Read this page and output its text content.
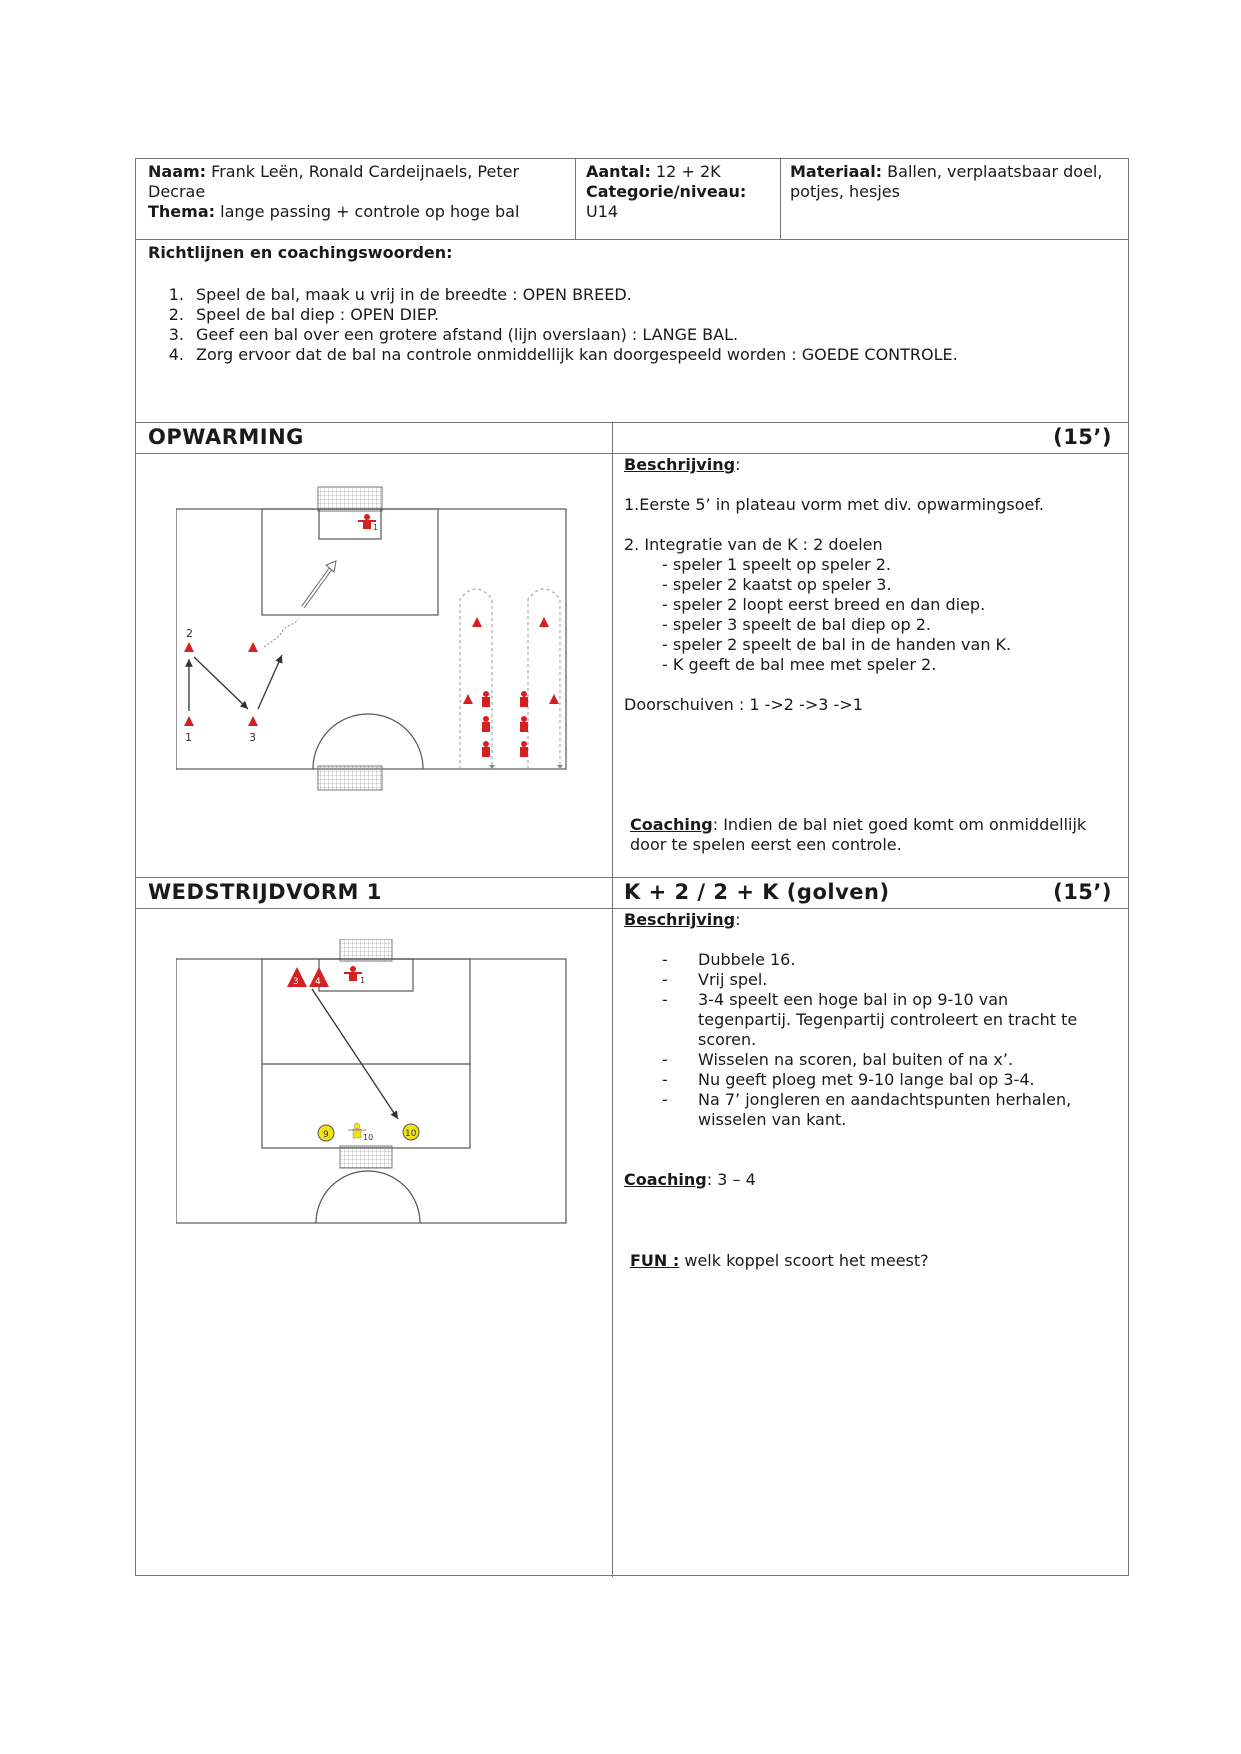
Naam: Frank Leën, Ronald Cardeijnaels, Peter
Decrae
Thema: lange passing + controle op hoge bal
Aantal: 12 + 2K
Categorie/niveau:
U14
Materiaal: Ballen, verplaatsbaar doel,
potjes, hesjes
Richtlijnen en coachingswoorden:
1. Speel de bal, maak u vrij in de breedte : OPEN BREED.
2. Speel de bal diep : OPEN DIEP.
3. Geef een bal over een grotere afstand (lijn overslaan) : LANGE BAL.
4. Zorg ervoor dat de bal na controle onmiddellijk kan doorgespeeld worden : GOEDE CONTROLE.
OPWARMING	(15’)
Beschrijving:
1.Eerste 5’ in plateau vorm met div. opwarmingsoef.
2. Integratie van de K : 2 doelen
- speler 1 speelt op speler 2.
- speler 2 kaatst op speler 3.
- speler 2 loopt eerst breed en dan diep.
- speler 3 speelt de bal diep op 2.
- speler 2 speelt de bal in de handen van K.
- K geeft de bal mee met speler 2.
Doorschuiven : 1 ->2 ->3 ->1
Coaching: Indien de bal niet goed komt om onmiddellijk
door te spelen eerst een controle.
1
2
1	3
WEDSTRIJDVORM 1	K + 2 / 2 + K (golven)	(15’)
Beschrijving:
- Dubbele 16.
- Vrij spel.
- 3-4 speelt een hoge bal in op 9-10 van
tegenpartij. Tegenpartij controleert en tracht te
scoren.
- Wisselen na scoren, bal buiten of na x’.
- Nu geeft ploeg met 9-10 lange bal op 3-4.
- Na 7’ jongleren en aandachtspunten herhalen,
wisselen van kant.
Coaching: 3 – 4
FUN : welk koppel scoort het meest?
3 4	1
9	10
10
